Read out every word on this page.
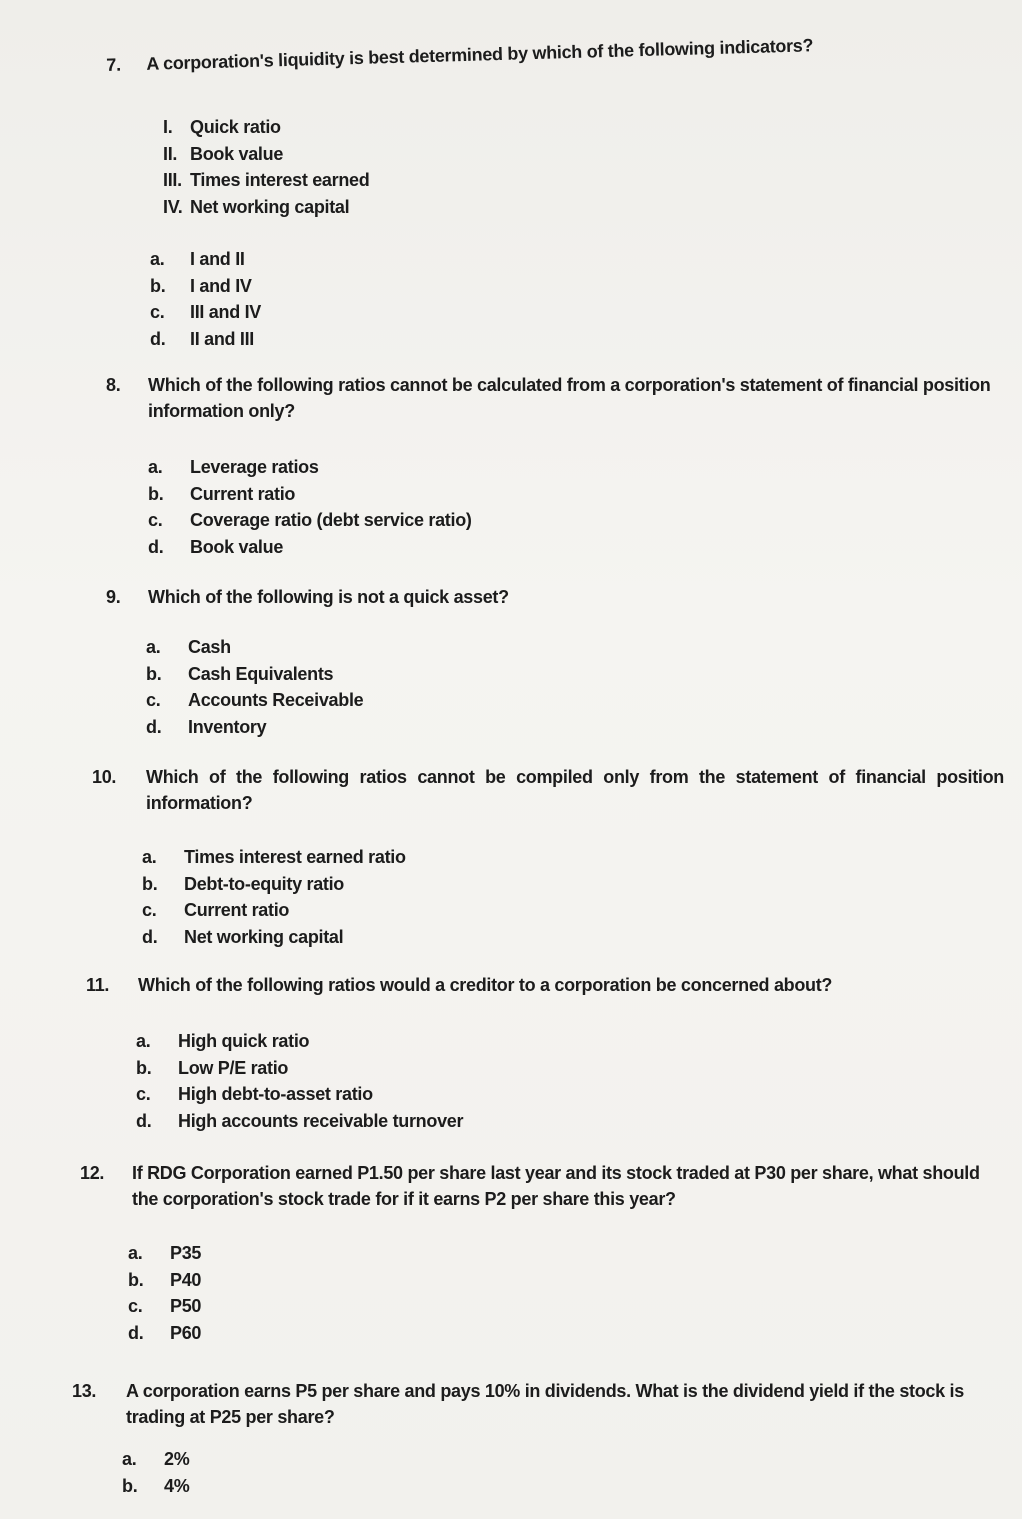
7. A corporation's liquidity is best determined by which of the following indicators?
I. Quick ratio
II. Book value
III. Times interest earned
IV. Net working capital
a. I and II
b. I and IV
c. III and IV
d. II and III
8. Which of the following ratios cannot be calculated from a corporation's statement of financial position information only?
a. Leverage ratios
b. Current ratio
c. Coverage ratio (debt service ratio)
d. Book value
9. Which of the following is not a quick asset?
a. Cash
b. Cash Equivalents
c. Accounts Receivable
d. Inventory
10. Which of the following ratios cannot be compiled only from the statement of financial position information?
a. Times interest earned ratio
b. Debt-to-equity ratio
c. Current ratio
d. Net working capital
11. Which of the following ratios would a creditor to a corporation be concerned about?
a. High quick ratio
b. Low P/E ratio
c. High debt-to-asset ratio
d. High accounts receivable turnover
12. If RDG Corporation earned P1.50 per share last year and its stock traded at P30 per share, what should the corporation's stock trade for if it earns P2 per share this year?
a. P35
b. P40
c. P50
d. P60
13. A corporation earns P5 per share and pays 10% in dividends. What is the dividend yield if the stock is trading at P25 per share?
a. 2%
b. 4%
